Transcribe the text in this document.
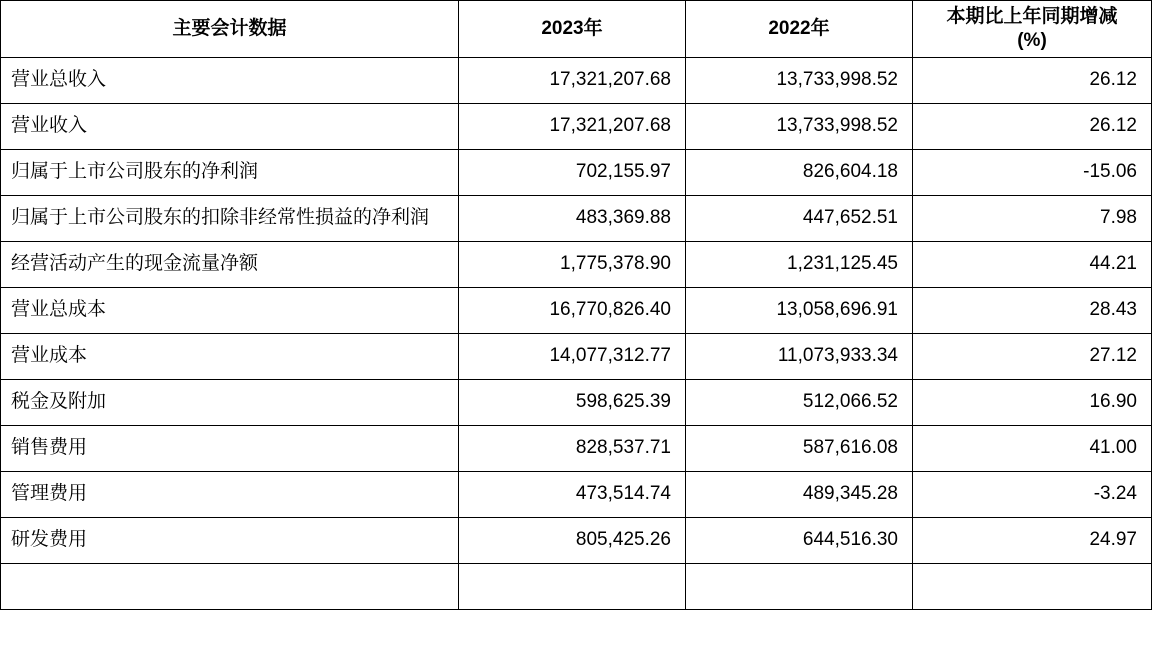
主要会计数据	2023年	2022年	本期比上年同期增减
(%)

营业总收入	17,321,207.68	13,733,998.52	26.12

营业收入	17,321,207.68	13,733,998.52	26.12

归属于上市公司股东的净利润	702,155.97	826,604.18	-15.06

归属于上市公司股东的扣除非经常性损益的净利润	483,369.88	447,652.51	7.98

经营活动产生的现金流量净额	1,775,378.90	1,231,125.45	44.21

营业总成本	16,770,826.40	13,058,696.91	28.43

营业成本	14,077,312.77	11,073,933.34	27.12

税金及附加	598,625.39	512,066.52	16.90

销售费用	828,537.71	587,616.08	41.00

管理费用	473,514.74	489,345.28	-3.24

研发费用	805,425.26	644,516.30	24.97
